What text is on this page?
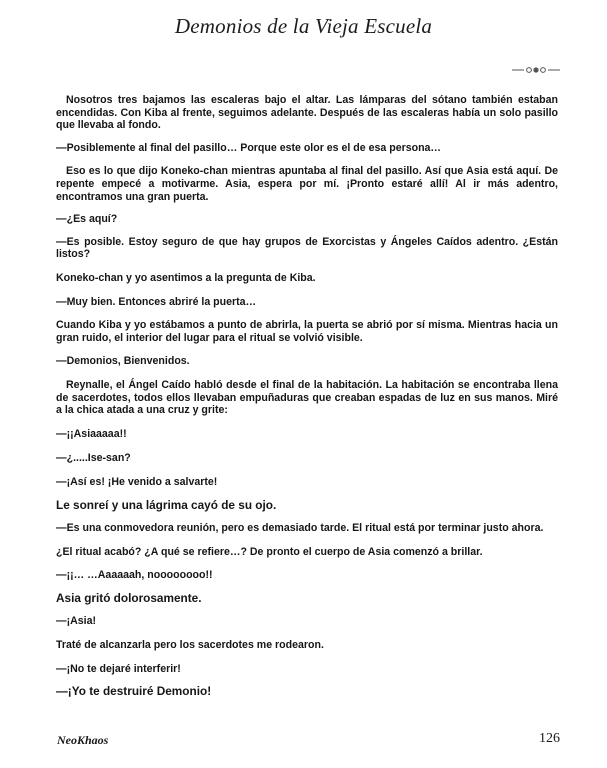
Demonios de la Vieja Escuela

Nosotros tres bajamos las escaleras bajo el altar. Las lámparas del sótano también estaban encendidas. Con Kiba al frente, seguimos adelante. Después de las escaleras había un solo pasillo que llevaba al fondo.

—Posiblemente al final del pasillo… Porque este olor es el de esa persona…

Eso es lo que dijo Koneko-chan mientras apuntaba al final del pasillo. Así que Asia está aquí. De repente empecé a motivarme. Asia, espera por mí. ¡Pronto estaré allí! Al ir más adentro, encontramos una gran puerta.

—¿Es aquí?

—Es posible. Estoy seguro de que hay grupos de Exorcistas y Ángeles Caídos adentro. ¿Están listos?

Koneko-chan y yo asentimos a la pregunta de Kiba.

—Muy bien. Entonces abriré la puerta…

Cuando Kiba y yo estábamos a punto de abrirla, la puerta se abrió por sí misma. Mientras hacia un gran ruido, el interior del lugar para el ritual se volvió visible.

—Demonios, Bienvenidos.

Reynalle, el Ángel Caído habló desde el final de la habitación. La habitación se encontraba llena de sacerdotes, todos ellos llevaban empuñaduras que creaban espadas de luz en sus manos. Miré a la chica atada a una cruz y grite:

—¡¡Asiaaaaa!!

—¿.....Ise-san?

—¡Así es! ¡He venido a salvarte!

Le sonreí y una lágrima cayó de su ojo.

—Es una conmovedora reunión, pero es demasiado tarde. El ritual está por terminar justo ahora.

¿El ritual acabó? ¿A qué se refiere…? De pronto el cuerpo de Asia comenzó a brillar.

—¡¡… …Aaaaaah, noooooooo!!

Asia gritó dolorosamente.

—¡Asia!

Traté de alcanzarla pero los sacerdotes me rodearon.

—¡No te dejaré interferir!

—¡Yo te destruiré Demonio!

NeoKhaos	126
